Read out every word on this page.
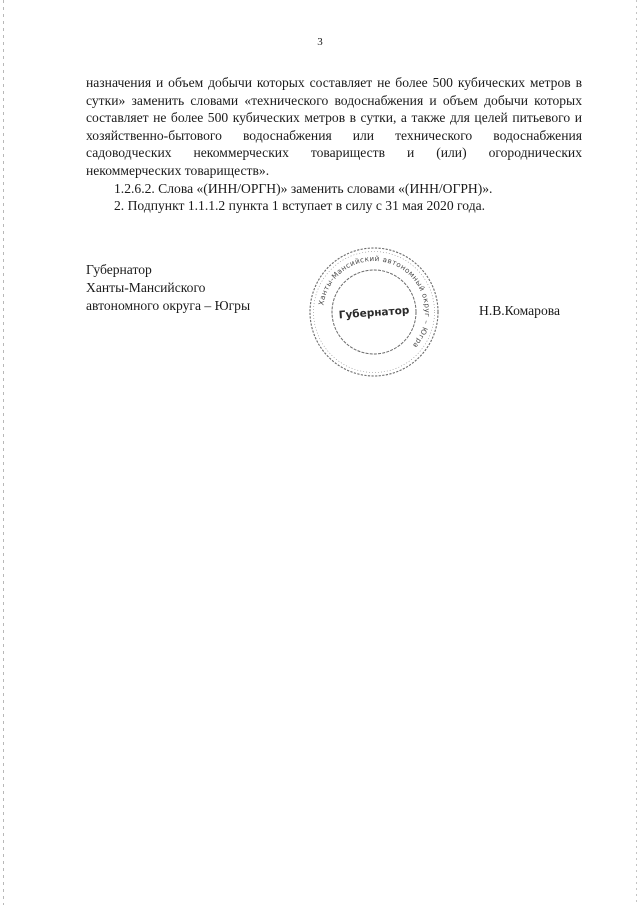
3

назначения и объем добычи которых составляет не более 500 кубических метров в сутки» заменить словами «технического водоснабжения и объем добычи которых составляет не более 500 кубических метров в сутки, а также для целей питьевого и хозяйственно-бытового водоснабжения или технического водоснабжения садоводческих некоммерческих товариществ и (или) огороднических некоммерческих товариществ».

1.2.6.2. Слова «(ИНН/ОРГН)» заменить словами «(ИНН/ОГРН)».

2. Подпункт 1.1.1.2 пункта 1 вступает в силу с 31 мая 2020 года.

Губернатор
Ханты-Мансийского
автономного округа – Югры	Ханты-Мансийский автономный округ – Югра
Губернатор	Н.В.Комарова
